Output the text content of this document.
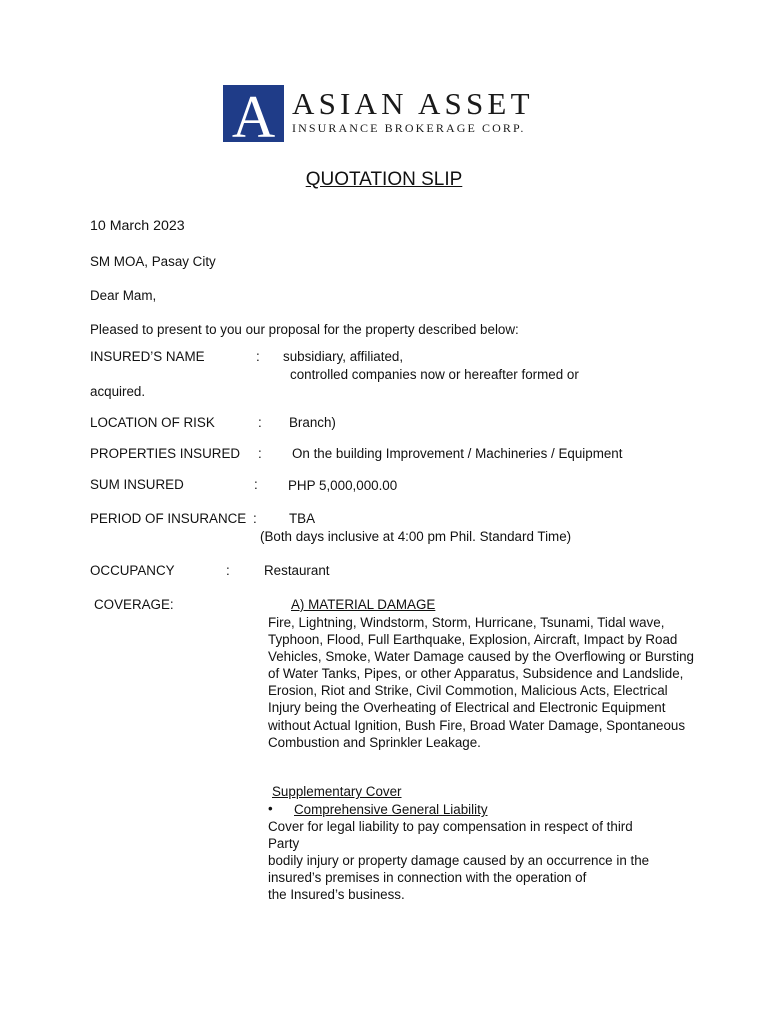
A ASIAN ASSET
INSURANCE BROKERAGE CORP.
QUOTATION SLIP
10 March 2023
SM MOA, Pasay City
Dear Mam,
Pleased to present to you our proposal for the property described below:
INSURED’S NAME	: subsidiary, affiliated,
controlled companies now or hereafter formed or
acquired.
LOCATION OF RISK	: Branch)
PROPERTIES INSURED : On the building Improvement / Machineries / Equipment
SUM INSURED	: PHP 5,000,000.00
PERIOD OF INSURANCE : TBA
(Both days inclusive at 4:00 pm Phil. Standard Time)
OCCUPANCY	:	Restaurant
COVERAGE:	A) MATERIAL DAMAGE
Fire, Lightning, Windstorm, Storm, Hurricane, Tsunami, Tidal wave, Typhoon, Flood, Full Earthquake, Explosion, Aircraft, Impact by Road Vehicles, Smoke, Water Damage caused by the Overflowing or Bursting of Water Tanks, Pipes, or other Apparatus, Subsidence and Landslide, Erosion, Riot and Strike, Civil Commotion, Malicious Acts, Electrical Injury being the Overheating of Electrical and Electronic Equipment without Actual Ignition, Bush Fire, Broad Water Damage, Spontaneous Combustion and Sprinkler Leakage.
Supplementary Cover
• Comprehensive General Liability
Cover for legal liability to pay compensation in respect of third
Party
bodily injury or property damage caused by an occurrence in the
insured’s premises in connection with the operation of
the Insured’s business.
